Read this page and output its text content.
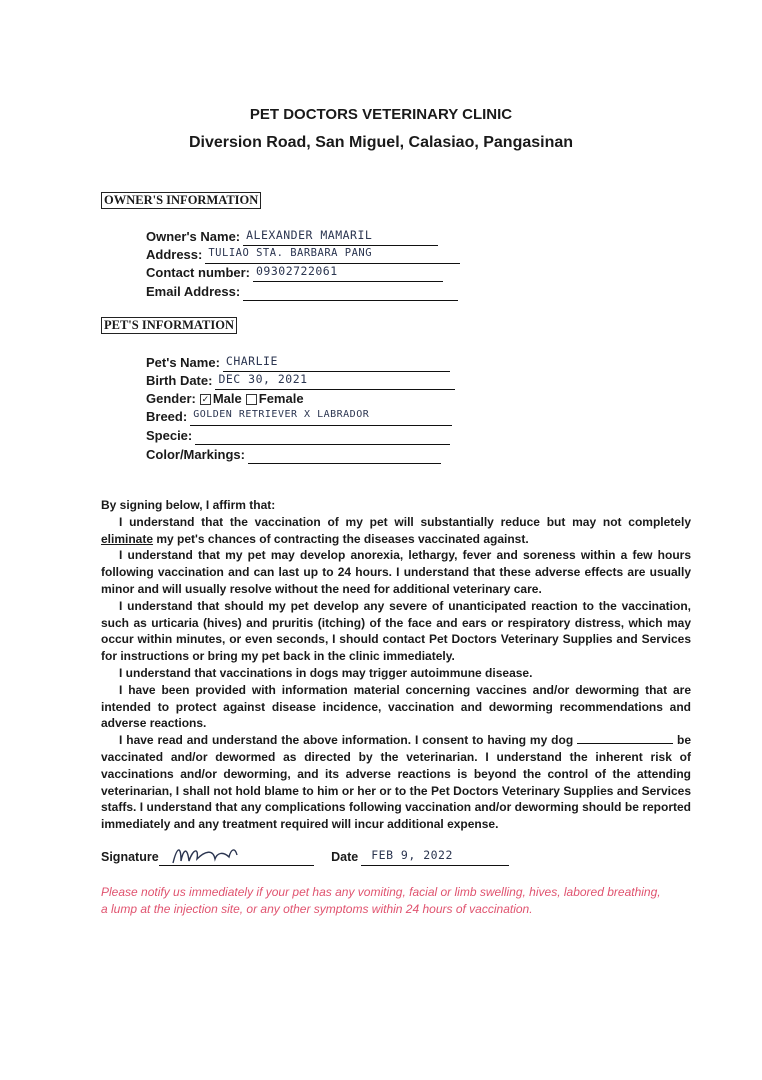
PET DOCTORS VETERINARY CLINIC
Diversion Road, San Miguel, Calasiao, Pangasinan
OWNER'S INFORMATION
Owner's Name: ALEXANDER MAMARIL
Address: TULIAO STA. BARBARA PANG
Contact number: 09302722061
Email Address:
PET'S INFORMATION
Pet's Name: CHARLIE
Birth Date: DEC 30, 2021
Gender: ✓ Male Female
Breed: GOLDEN RETRIEVER X LABRADOR
Specie:
Color/Markings:

By signing below, I affirm that:

I understand that the vaccination of my pet will substantially reduce but may not completely eliminate my pet's chances of contracting the diseases vaccinated against.

I understand that my pet may develop anorexia, lethargy, fever and soreness within a few hours following vaccination and can last up to 24 hours. I understand that these adverse effects are usually minor and will usually resolve without the need for additional veterinary care.

I understand that should my pet develop any severe of unanticipated reaction to the vaccination, such as urticaria (hives) and pruritis (itching) of the face and ears or respiratory distress, which may occur within minutes, or even seconds, I should contact Pet Doctors Veterinary Supplies and Services for instructions or bring my pet back in the clinic immediately.

I understand that vaccinations in dogs may trigger autoimmune disease.

I have been provided with information material concerning vaccines and/or deworming that are intended to protect against disease incidence, vaccination and deworming recommendations and adverse reactions.

I have read and understand the above information. I consent to having my dog	be vaccinated and/or dewormed as directed by the veterinarian. I understand the inherent risk of vaccinations and/or deworming, and its adverse reactions is beyond the control of the attending veterinarian, I shall not hold blame to him or her or to the Pet Doctors Veterinary Supplies and Services staffs. I understand that any complications following vaccination and/or deworming should be reported immediately and any treatment required will incur additional expense.

Signature	Date FEB 9, 2022
Please notify us immediately if your pet has any vomiting, facial or limb swelling, hives, labored breathing, a lump at the injection site, or any other symptoms within 24 hours of vaccination.
